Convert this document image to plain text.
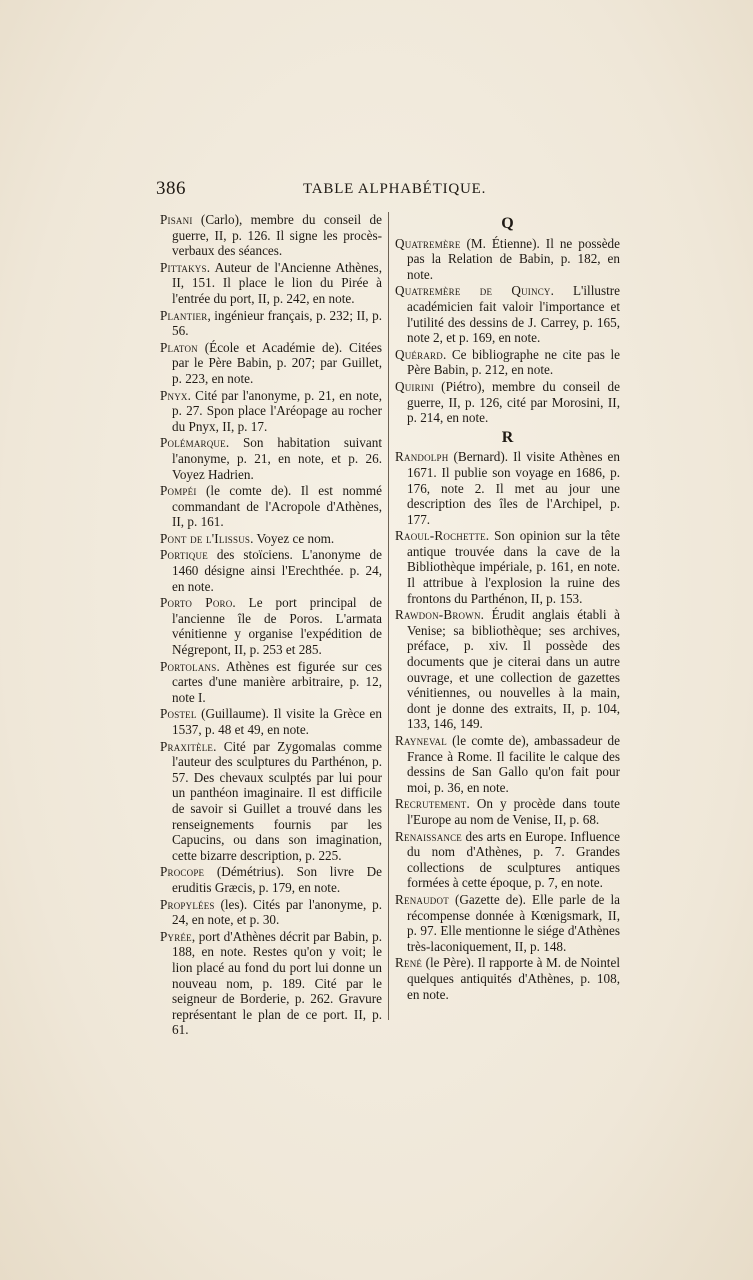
386	TABLE ALPHABÉTIQUE.

Pisani (Carlo), membre du conseil de guerre, II, p. 126. Il signe les procès-verbaux des séances.

Pittakys. Auteur de l'Ancienne Athènes, II, 151. Il place le lion du Pirée à l'entrée du port, II, p. 242, en note.

Plantier, ingénieur français, p. 232; II, p. 56.

Platon (École et Académie de). Citées par le Père Babin, p. 207; par Guillet, p. 223, en note.

Pnyx. Cité par l'anonyme, p. 21, en note, p. 27. Spon place l'Aréopage au rocher du Pnyx, II, p. 17.

Polémarque. Son habitation suivant l'anonyme, p. 21, en note, et p. 26. Voyez Hadrien.

Pompéi (le comte de). Il est nommé commandant de l'Acropole d'Athènes, II, p. 161.

Pont de l'Ilissus. Voyez ce nom.

Portique des stoïciens. L'anonyme de 1460 désigne ainsi l'Erechthée. p. 24, en note.

Porto Poro. Le port principal de l'ancienne île de Poros. L'armata vénitienne y organise l'expédition de Négrepont, II, p. 253 et 285.

Portolans. Athènes est figurée sur ces cartes d'une manière arbitraire, p. 12, note I.

Postel (Guillaume). Il visite la Grèce en 1537, p. 48 et 49, en note.

Praxitèle. Cité par Zygomalas comme l'auteur des sculptures du Parthénon, p. 57. Des chevaux sculptés par lui pour un panthéon imaginaire. Il est difficile de savoir si Guillet a trouvé dans les renseignements fournis par les Capucins, ou dans son imagination, cette bizarre description, p. 225.

Procope (Démétrius). Son livre De eruditis Græcis, p. 179, en note.

Propylées (les). Cités par l'anonyme, p. 24, en note, et p. 30.

Pyrée, port d'Athènes décrit par Babin, p. 188, en note. Restes qu'on y voit; le lion placé au fond du port lui donne un nouveau nom, p. 189. Cité par le seigneur de Borderie, p. 262. Gravure représentant le plan de ce port. II, p. 61.

Q

Quatremère (M. Étienne). Il ne possède pas la Relation de Babin, p. 182, en note.

Quatremère de Quincy. L'illustre académicien fait valoir l'importance et l'utilité des dessins de J. Carrey, p. 165, note 2, et p. 169, en note.

Quérard. Ce bibliographe ne cite pas le Père Babin, p. 212, en note.

Quirini (Piétro), membre du conseil de guerre, II, p. 126, cité par Morosini, II, p. 214, en note.

R

Randolph (Bernard). Il visite Athènes en 1671. Il publie son voyage en 1686, p. 176, note 2. Il met au jour une description des îles de l'Archipel, p. 177.

Raoul-Rochette. Son opinion sur la tête antique trouvée dans la cave de la Bibliothèque impériale, p. 161, en note. Il attribue à l'explosion la ruine des frontons du Parthénon, II, p. 153.

Rawdon-Brown. Érudit anglais établi à Venise; sa bibliothèque; ses archives, préface, p. xiv. Il possède des documents que je citerai dans un autre ouvrage, et une collection de gazettes vénitiennes, ou nouvelles à la main, dont je donne des extraits, II, p. 104, 133, 146, 149.

Rayneval (le comte de), ambassadeur de France à Rome. Il facilite le calque des dessins de San Gallo qu'on fait pour moi, p. 36, en note.

Recrutement. On y procède dans toute l'Europe au nom de Venise, II, p. 68.

Renaissance des arts en Europe. Influence du nom d'Athènes, p. 7. Grandes collections de sculptures antiques formées à cette époque, p. 7, en note.

Renaudot (Gazette de). Elle parle de la récompense donnée à Kœnigsmark, II, p. 97. Elle mentionne le siége d'Athènes très-laconiquement, II, p. 148.

René (le Père). Il rapporte à M. de Nointel quelques antiquités d'Athènes, p. 108, en note.
